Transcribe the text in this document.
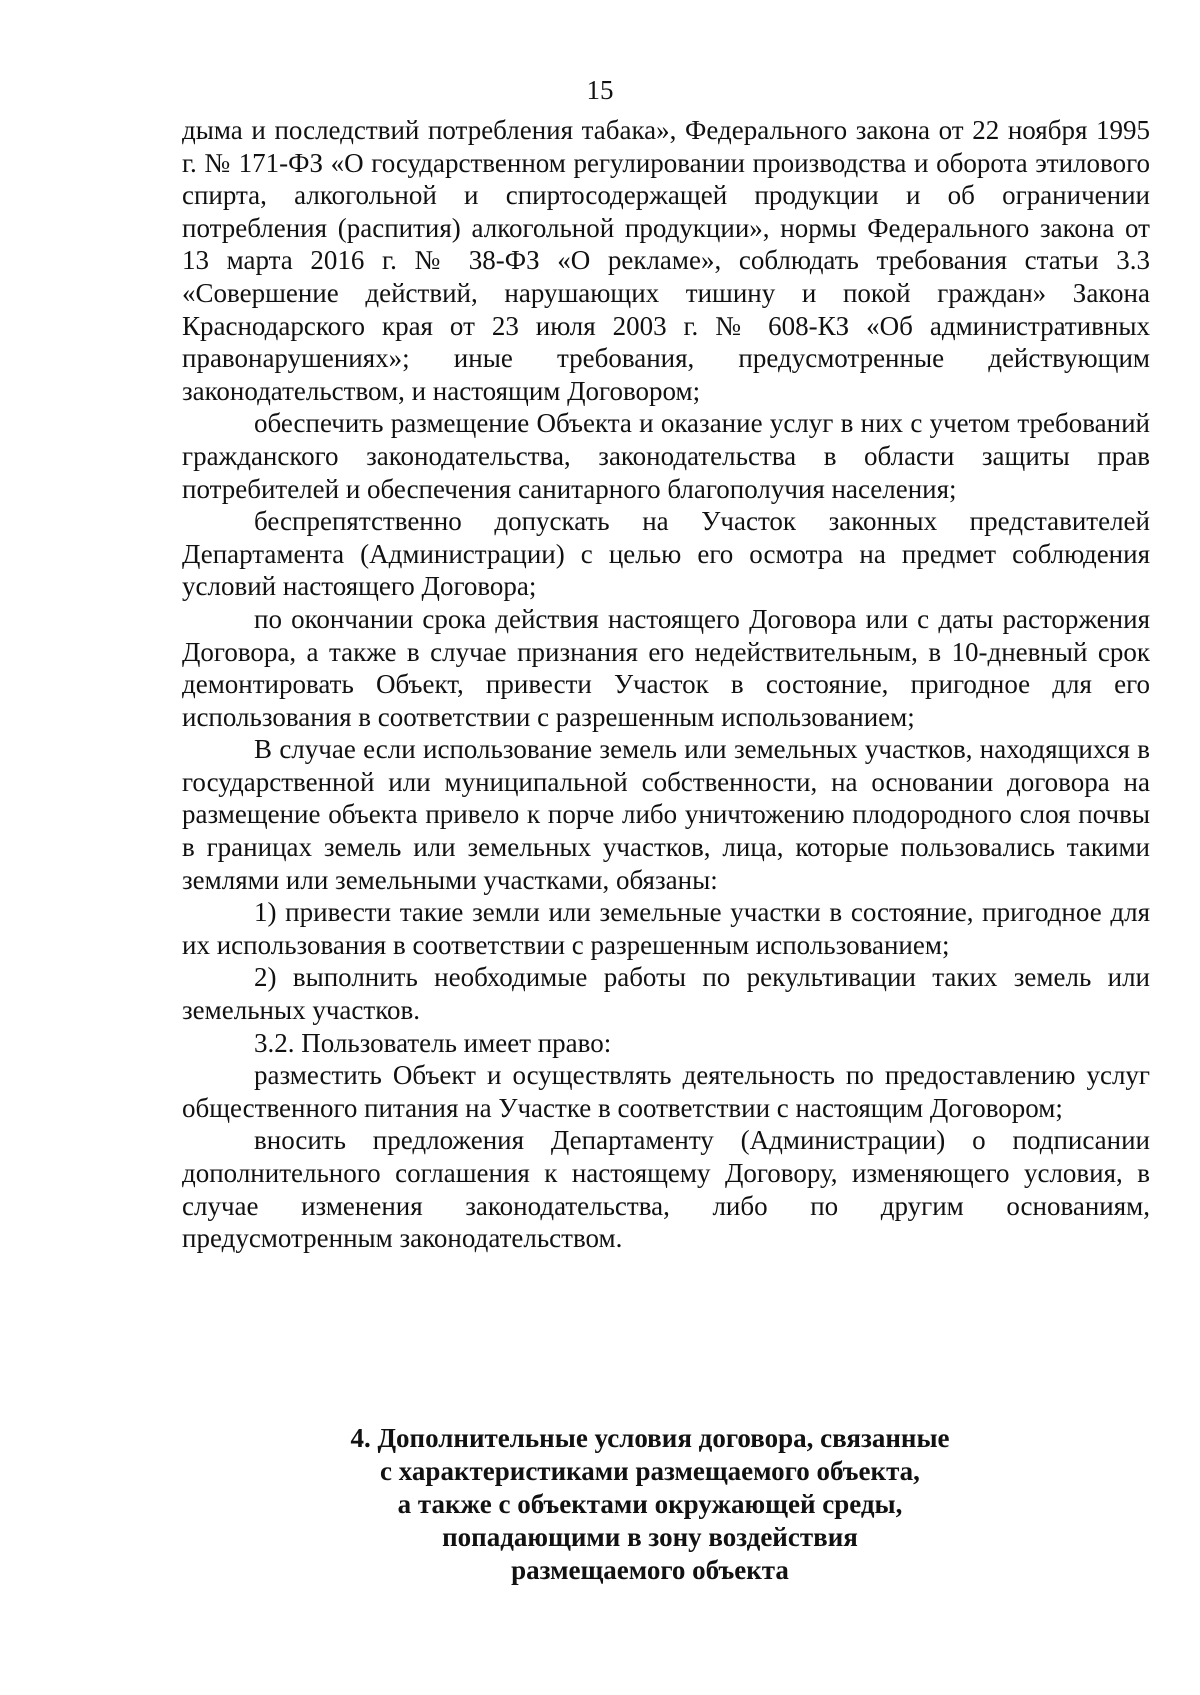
15

дыма и последствий потребления табака», Федерального закона от 22 ноября 1995 г. № 171-ФЗ «О государственном регулировании производства и оборота этилового спирта, алкогольной и спиртосодержащей продукции и об ограничении потребления (распития) алкогольной продукции», нормы Федерального закона от 13 марта 2016 г. № 38-ФЗ «О рекламе», соблюдать требования статьи 3.3 «Совершение действий, нарушающих тишину и покой граждан» Закона Краснодарского края от 23 июля 2003 г. № 608-КЗ «Об административных правонарушениях»; иные требования, предусмотренные действующим законодательством, и настоящим Договором;

обеспечить размещение Объекта и оказание услуг в них с учетом требований гражданского законодательства, законодательства в области защиты прав потребителей и обеспечения санитарного благополучия населения;

беспрепятственно допускать на Участок законных представителей Департамента (Администрации) с целью его осмотра на предмет соблюдения условий настоящего Договора;

по окончании срока действия настоящего Договора или с даты расторжения Договора, а также в случае признания его недействительным, в 10-дневный срок демонтировать Объект, привести Участок в состояние, пригодное для его использования в соответствии с разрешенным использованием;

В случае если использование земель или земельных участков, находящихся в государственной или муниципальной собственности, на основании договора на размещение объекта привело к порче либо уничтожению плодородного слоя почвы в границах земель или земельных участков, лица, которые пользовались такими землями или земельными участками, обязаны:

1) привести такие земли или земельные участки в состояние, пригодное для их использования в соответствии с разрешенным использованием;

2) выполнить необходимые работы по рекультивации таких земель или земельных участков.

3.2. Пользователь имеет право:

разместить Объект и осуществлять деятельность по предоставлению услуг общественного питания на Участке в соответствии с настоящим Договором;

вносить предложения Департаменту (Администрации) о подписании дополнительного соглашения к настоящему Договору, изменяющего условия, в случае изменения законодательства, либо по другим основаниям, предусмотренным законодательством.

4. Дополнительные условия договора, связанные
с характеристиками размещаемого объекта,
а также с объектами окружающей среды,
попадающими в зону воздействия
размещаемого объекта
